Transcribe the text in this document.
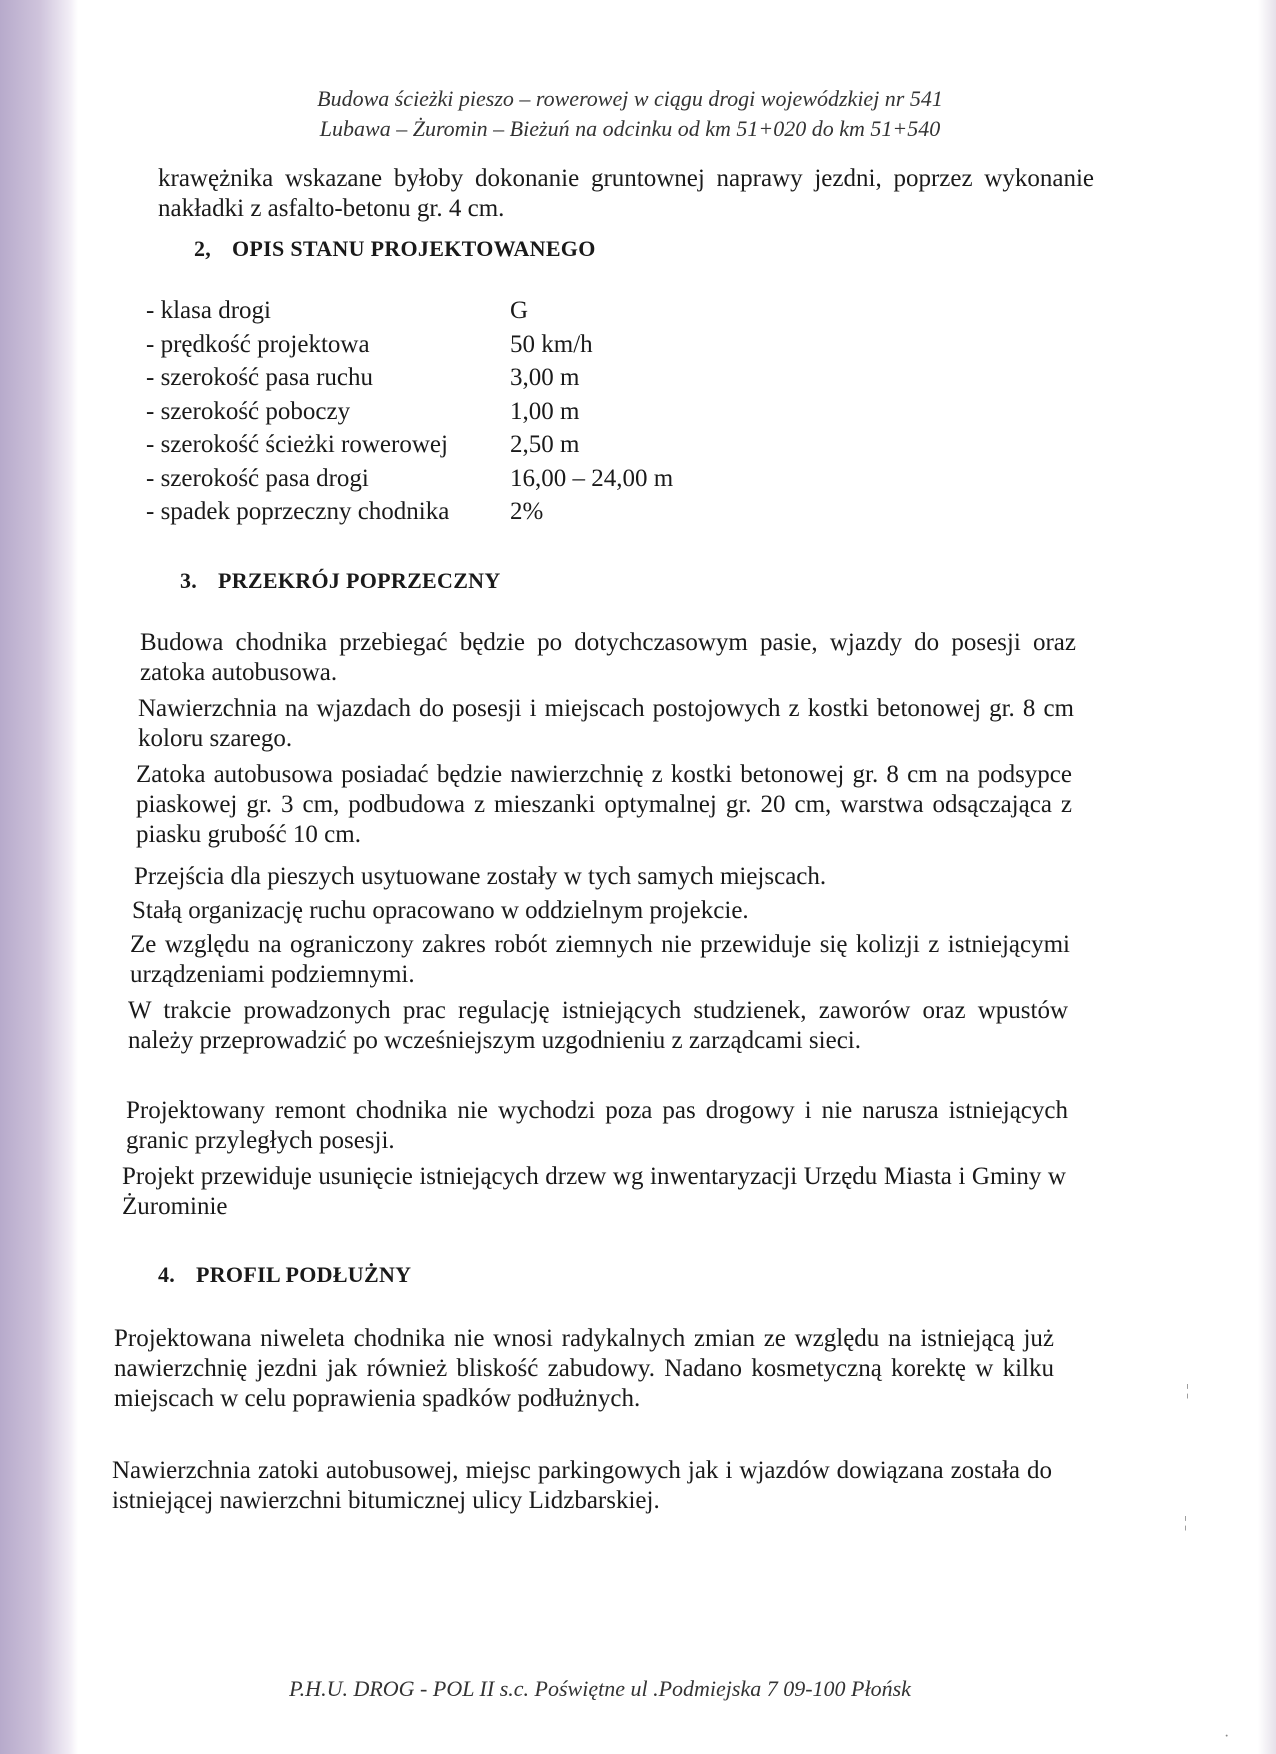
Budowa ścieżki pieszo – rowerowej w ciągu drogi wojewódzkiej nr 541
Lubawa – Żuromin – Bieżuń na odcinku od km 51+020 do km 51+540
krawężnika wskazane byłoby dokonanie gruntownej naprawy jezdni, poprzez wykonanie nakładki z asfalto-betonu gr. 4 cm.
2, OPIS STANU PROJEKTOWANEGO
- klasa drogi	G
- prędkość projektowa	50 km/h
- szerokość pasa ruchu	3,00 m
- szerokość poboczy	1,00 m
- szerokość ścieżki rowerowej	2,50 m
- szerokość pasa drogi	16,00 – 24,00 m
- spadek poprzeczny chodnika	2%
3. PRZEKRÓJ POPRZECZNY
Budowa chodnika przebiegać będzie po dotychczasowym pasie, wjazdy do posesji oraz zatoka autobusowa.
Nawierzchnia na wjazdach do posesji i miejscach postojowych z kostki betonowej gr. 8 cm koloru szarego.
Zatoka autobusowa posiadać będzie nawierzchnię z kostki betonowej gr. 8 cm na podsypce piaskowej gr. 3 cm, podbudowa z mieszanki optymalnej gr. 20 cm, warstwa odsączająca z piasku grubość 10 cm.
Przejścia dla pieszych usytuowane zostały w tych samych miejscach.
Stałą organizację ruchu opracowano w oddzielnym projekcie.
Ze względu na ograniczony zakres robót ziemnych nie przewiduje się kolizji z istniejącymi urządzeniami podziemnymi.
W trakcie prowadzonych prac regulację istniejących studzienek, zaworów oraz wpustów należy przeprowadzić po wcześniejszym uzgodnieniu z zarządcami sieci.
Projektowany remont chodnika nie wychodzi poza pas drogowy i nie narusza istniejących granic przyległych posesji.
Projekt przewiduje usunięcie istniejących drzew wg inwentaryzacji Urzędu Miasta i Gminy w Żurominie
4. PROFIL PODŁUŻNY
Projektowana niweleta chodnika nie wnosi radykalnych zmian ze względu na istniejącą już nawierzchnię jezdni jak również bliskość zabudowy. Nadano kosmetyczną korektę w kilku miejscach w celu poprawienia spadków podłużnych.
Nawierzchnia zatoki autobusowej, miejsc parkingowych jak i wjazdów dowiązana została do istniejącej nawierzchni bitumicznej ulicy Lidzbarskiej.
P.H.U. DROG - POL II s.c. Poświętne ul .Podmiejska 7 09-100 Płońsk
¦
¦
·
